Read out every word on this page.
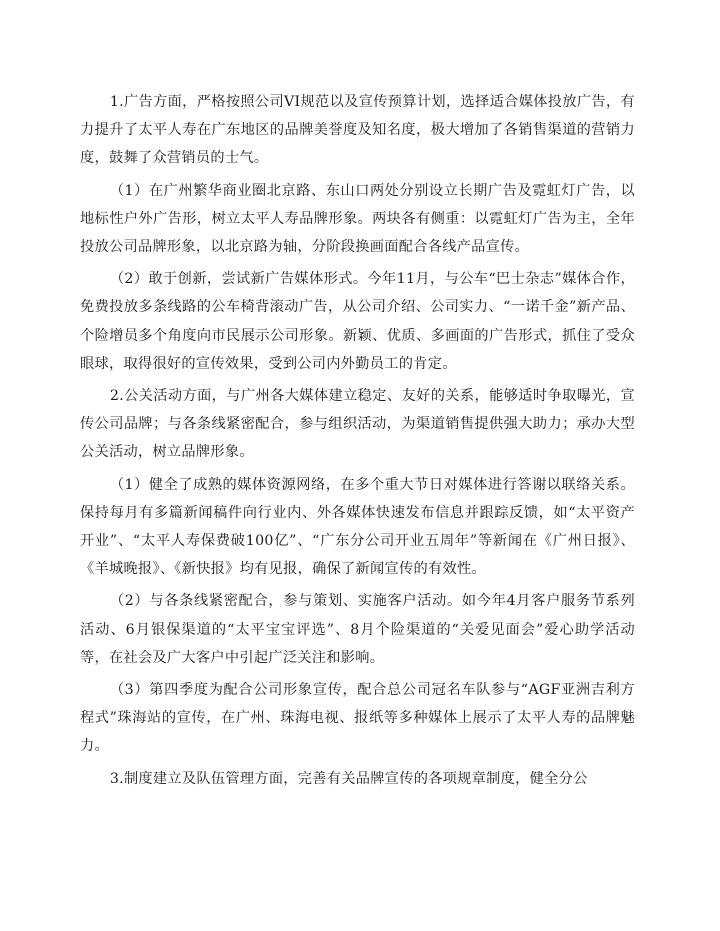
1.广告方面，严格按照公司VI规范以及宣传预算计划，选择适合媒体投放广告，有力提升了太平人寿在广东地区的品牌美誉度及知名度，极大增加了各销售渠道的营销力度，鼓舞了众营销员的士气。

（1）在广州繁华商业圈北京路、东山口两处分别设立长期广告及霓虹灯广告，以地标性户外广告形，树立太平人寿品牌形象。两块各有侧重：以霓虹灯广告为主，全年投放公司品牌形象，以北京路为轴，分阶段换画面配合各线产品宣传。

（2）敢于创新，尝试新广告媒体形式。今年11月，与公车“巴士杂志”媒体合作，免费投放多条线路的公车椅背滚动广告，从公司介绍、公司实力、“一诺千金”新产品、个险增员多个角度向市民展示公司形象。新颖、优质、多画面的广告形式，抓住了受众眼球，取得很好的宣传效果，受到公司内外勤员工的肯定。

2.公关活动方面，与广州各大媒体建立稳定、友好的关系，能够适时争取曝光，宣传公司品牌；与各条线紧密配合，参与组织活动，为渠道销售提供强大助力；承办大型公关活动，树立品牌形象。

（1）健全了成熟的媒体资源网络，在多个重大节日对媒体进行答谢以联络关系。保持每月有多篇新闻稿件向行业内、外各媒体快速发布信息并跟踪反馈，如“太平资产开业”、“太平人寿保费破100亿”、“广东分公司开业五周年”等新闻在《广州日报》、《羊城晚报》、《新快报》均有见报，确保了新闻宣传的有效性。

（2）与各条线紧密配合，参与策划、实施客户活动。如今年4月客户服务节系列活动、6月银保渠道的“太平宝宝评选”、8月个险渠道的“关爱见面会”爱心助学活动等，在社会及广大客户中引起广泛关注和影响。

（3）第四季度为配合公司形象宣传，配合总公司冠名车队参与“AGF亚洲吉利方程式”珠海站的宣传，在广州、珠海电视、报纸等多种媒体上展示了太平人寿的品牌魅力。

3.制度建立及队伍管理方面，完善有关品牌宣传的各项规章制度，健全分公
